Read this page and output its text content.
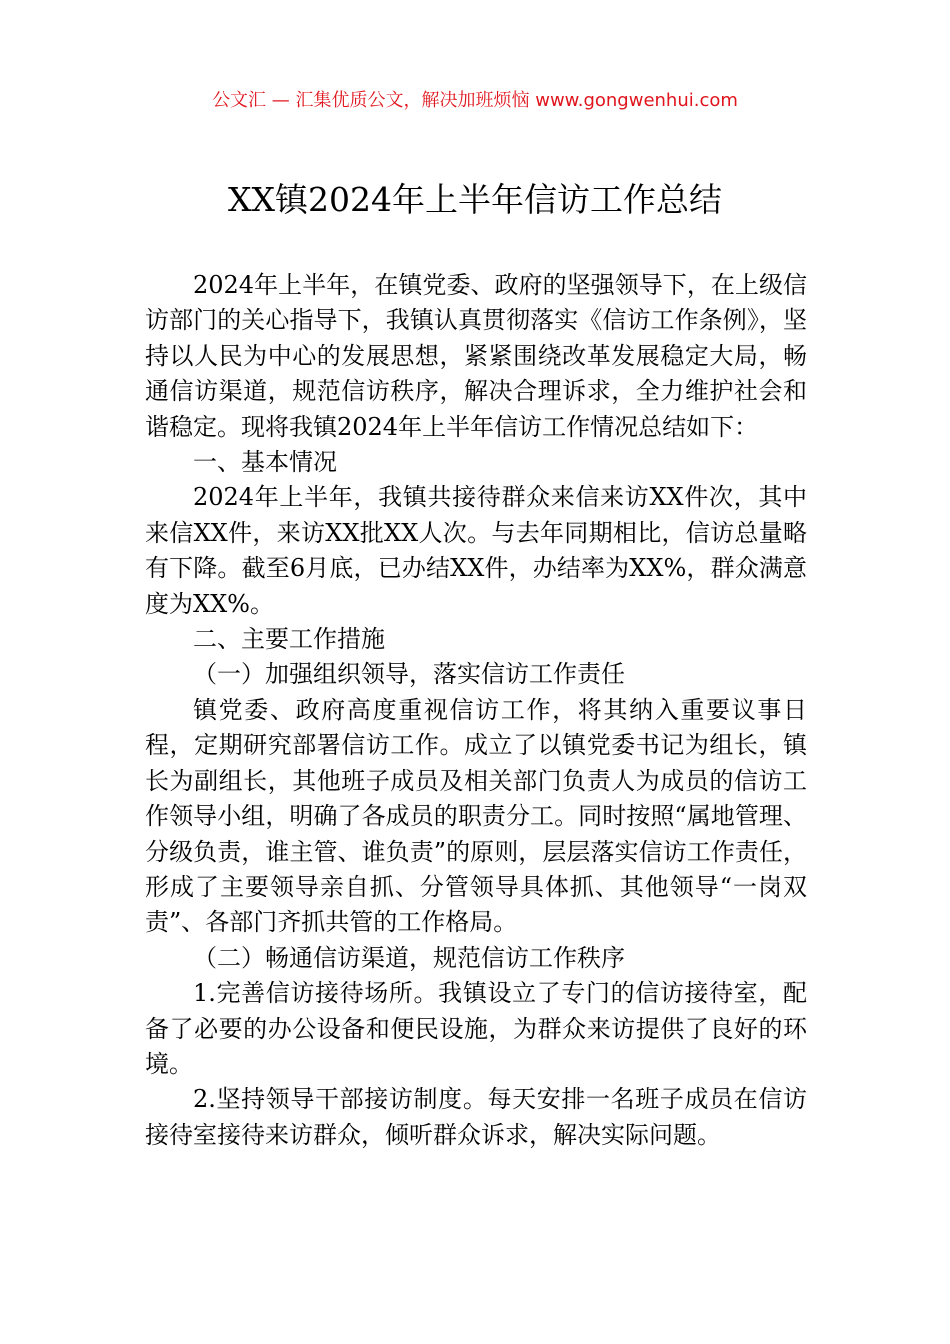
公文汇 — 汇集优质公文，解决加班烦恼 www.gongwenhui.com
XX镇2024年上半年信访工作总结

2024年上半年，在镇党委、政府的坚强领导下，在上级信访部门的关心指导下，我镇认真贯彻落实《信访工作条例》，坚持以人民为中心的发展思想，紧紧围绕改革发展稳定大局，畅通信访渠道，规范信访秩序，解决合理诉求，全力维护社会和谐稳定。现将我镇2024年上半年信访工作情况总结如下：

一、基本情况

2024年上半年，我镇共接待群众来信来访XX件次，其中来信XX件，来访XX批XX人次。与去年同期相比，信访总量略有下降。截至6月底，已办结XX件，办结率为XX%，群众满意度为XX%。

二、主要工作措施

（一）加强组织领导，落实信访工作责任

镇党委、政府高度重视信访工作，将其纳入重要议事日程，定期研究部署信访工作。成立了以镇党委书记为组长，镇长为副组长，其他班子成员及相关部门负责人为成员的信访工作领导小组，明确了各成员的职责分工。同时按照“属地管理、分级负责，谁主管、谁负责”的原则，层层落实信访工作责任，形成了主要领导亲自抓、分管领导具体抓、其他领导“一岗双责”、各部门齐抓共管的工作格局。

（二）畅通信访渠道，规范信访工作秩序

1.完善信访接待场所。我镇设立了专门的信访接待室，配备了必要的办公设备和便民设施，为群众来访提供了良好的环境。

2.坚持领导干部接访制度。每天安排一名班子成员在信访接待室接待来访群众，倾听群众诉求，解决实际问题。
